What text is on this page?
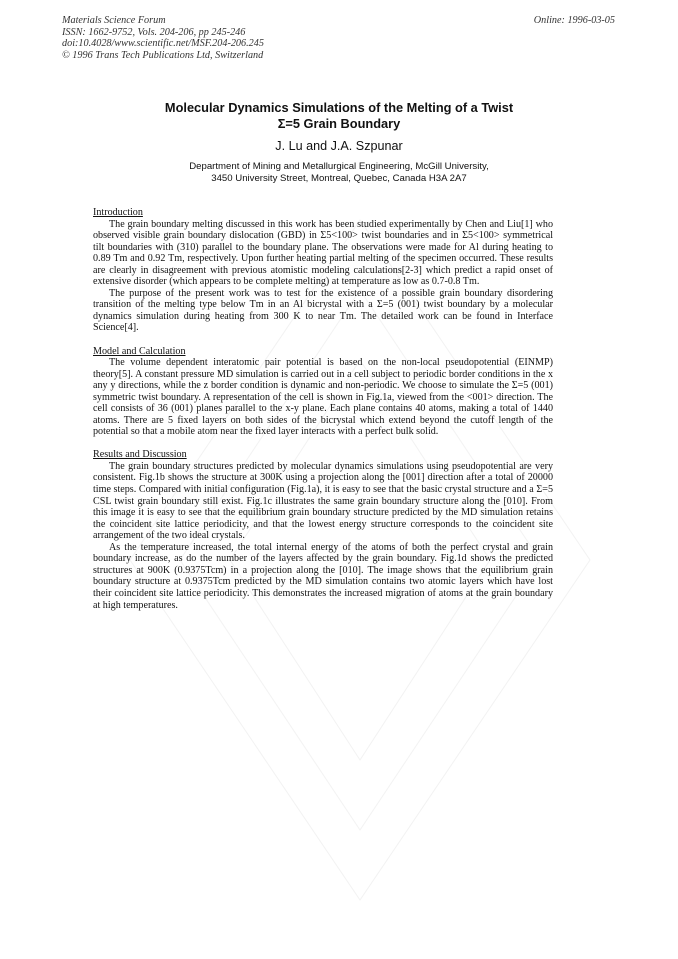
Materials Science Forum
ISSN: 1662-9752, Vols. 204-206, pp 245-246
doi:10.4028/www.scientific.net/MSF.204-206.245
© 1996 Trans Tech Publications Ltd, Switzerland
Online: 1996-03-05
Molecular Dynamics Simulations of the Melting of a Twist
Σ=5 Grain Boundary
J. Lu and J.A. Szpunar
Department of Mining and Metallurgical Engineering, McGill University,
3450 University Street, Montreal, Quebec, Canada H3A 2A7

Introduction

The grain boundary melting discussed in this work has been studied experimentally by Chen and Liu[1] who observed visible grain boundary dislocation (GBD) in Σ5<100> twist boundaries and in Σ5<100> symmetrical tilt boundaries with (310) parallel to the boundary plane. The observations were made for Al during heating to 0.89 Tm and 0.92 Tm, respectively. Upon further heating partial melting of the specimen occurred. These results are clearly in disagreement with previous atomistic modeling calculations[2-3] which predict a rapid onset of extensive disorder (which appears to be complete melting) at temperature as low as 0.7-0.8 Tm.

The purpose of the present work was to test for the existence of a possible grain boundary disordering transition of the melting type below Tm in an Al bicrystal with a Σ=5 (001) twist boundary by a molecular dynamics simulation during heating from 300 K to near Tm. The detailed work can be found in Interface Science[4].

Model and Calculation

The volume dependent interatomic pair potential is based on the non-local pseudopotential (EINMP) theory[5]. A constant pressure MD simulation is carried out in a cell subject to periodic border conditions in the x any y directions, while the z border condition is dynamic and non-periodic. We choose to simulate the Σ=5 (001) symmetric twist boundary. A representation of the cell is shown in Fig.1a, viewed from the <001> direction. The cell consists of 36 (001) planes parallel to the x-y plane. Each plane contains 40 atoms, making a total of 1440 atoms. There are 5 fixed layers on both sides of the bicrystal which extend beyond the cutoff length of the potential so that a mobile atom near the fixed layer interacts with a perfect bulk solid.

Results and Discussion

The grain boundary structures predicted by molecular dynamics simulations using pseudopotential are very consistent. Fig.1b shows the structure at 300K using a projection along the [001] direction after a total of 20000 time steps. Compared with initial configuration (Fig.1a), it is easy to see that the basic crystal structure and a Σ=5 CSL twist grain boundary still exist. Fig.1c illustrates the same grain boundary structure along the [010]. From this image it is easy to see that the equilibrium grain boundary structure predicted by the MD simulation retains the coincident site lattice periodicity, and that the lowest energy structure corresponds to the coincident site arrangement of the two ideal crystals.

As the temperature increased, the total internal energy of the atoms of both the perfect crystal and grain boundary increase, as do the number of the layers affected by the grain boundary. Fig.1d shows the predicted structures at 900K (0.9375Tcm) in a projection along the [010]. The image shows that the equilibrium grain boundary structure at 0.9375Tcm predicted by the MD simulation contains two atomic layers which have lost their coincident site lattice periodicity. This demonstrates the increased migration of atoms at the grain boundary at high temperatures.
